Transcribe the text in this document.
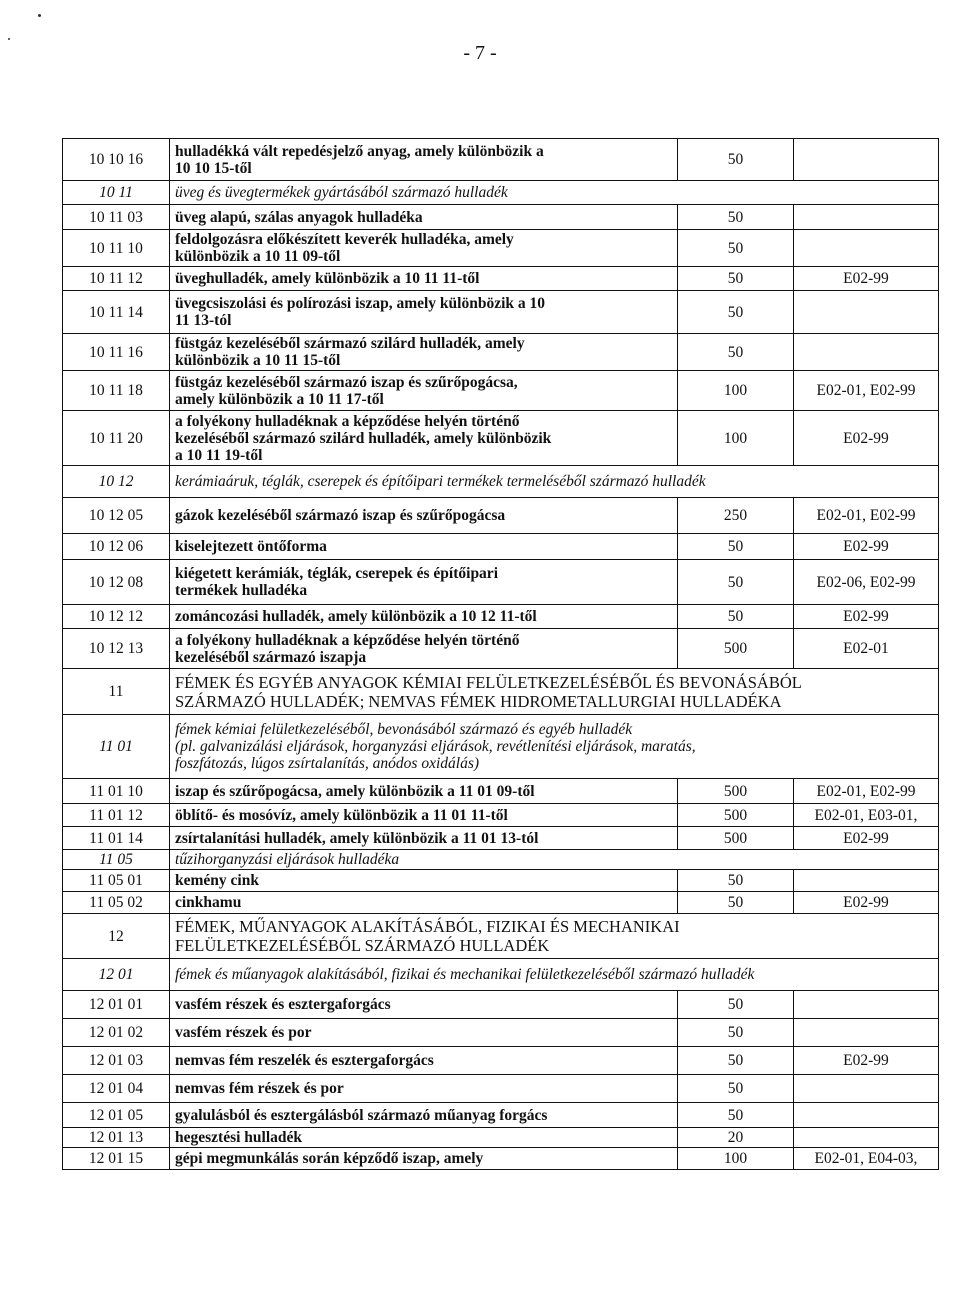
- 7 -
10 10 16	hulladékká vált repedésjelző anyag, amely különbözik a
10 10 15-től	50	
10 11	üveg és üvegtermékek gyártásából származó hulladék		
10 11 03	üveg alapú, szálas anyagok hulladéka	50	
10 11 10	feldolgozásra előkészített keverék hulladéka, amely
különbözik a 10 11 09-től	50	
10 11 12	üveghulladék, amely különbözik a 10 11 11-től	50	E02-99
10 11 14	üvegcsiszolási és polírozási iszap, amely különbözik a 10
11 13-tól	50	
10 11 16	füstgáz kezeléséből származó szilárd hulladék, amely
különbözik a 10 11 15-től	50	
10 11 18	füstgáz kezeléséből származó iszap és szűrőpogácsa,
amely különbözik a 10 11 17-től	100	E02-01, E02-99
10 11 20	a folyékony hulladéknak a képződése helyén történő
kezeléséből származó szilárd hulladék, amely különbözik
a 10 11 19-től	100	E02-99
10 12	kerámiaáruk, téglák, cserepek és építőipari termékek termeléséből származó hulladék		
10 12 05	gázok kezeléséből származó iszap és szűrőpogácsa	250	E02-01, E02-99
10 12 06	kiselejtezett öntőforma	50	E02-99
10 12 08	kiégetett kerámiák, téglák, cserepek és építőipari
termékek hulladéka	50	E02-06, E02-99
10 12 12	zománcozási hulladék, amely különbözik a 10 12 11-től	50	E02-99
10 12 13	a folyékony hulladéknak a képződése helyén történő
kezeléséből származó iszapja	500	E02-01
11	FÉMEK ÉS EGYÉB ANYAGOK KÉMIAI FELÜLETKEZELÉSÉBŐL ÉS BEVONÁSÁBÓL
SZÁRMAZÓ HULLADÉK; NEMVAS FÉMEK HIDROMETALLURGIAI HULLADÉKA		
11 01	fémek kémiai felületkezeléséből, bevonásából származó és egyéb hulladék
(pl. galvanizálási eljárások, horganyzási eljárások, revétlenítési eljárások, maratás,
foszfátozás, lúgos zsírtalanítás, anódos oxidálás)		
11 01 10	iszap és szűrőpogácsa, amely különbözik a 11 01 09-től	500	E02-01, E02-99
11 01 12	öblítő- és mosóvíz, amely különbözik a 11 01 11-től	500	E02-01, E03-01,
11 01 14	zsírtalanítási hulladék, amely különbözik a 11 01 13-tól	500	E02-99
11 05	tűzihorganyzási eljárások hulladéka		
11 05 01	kemény cink	50	
11 05 02	cinkhamu	50	E02-99
12	FÉMEK, MŰANYAGOK ALAKÍTÁSÁBÓL, FIZIKAI ÉS MECHANIKAI
FELÜLETKEZELÉSÉBŐL SZÁRMAZÓ HULLADÉK		
12 01	fémek és műanyagok alakításából, fizikai és mechanikai felületkezeléséből származó hulladék		
12 01 01	vasfém részek és esztergaforgács	50	
12 01 02	vasfém részek és por	50	
12 01 03	nemvas fém reszelék és esztergaforgács	50	E02-99
12 01 04	nemvas fém részek és por	50	
12 01 05	gyalulásból és esztergálásból származó műanyag forgács	50	
12 01 13	hegesztési hulladék	20	
12 01 15	gépi megmunkálás során képződő iszap, amely	100	E02-01, E04-03,
